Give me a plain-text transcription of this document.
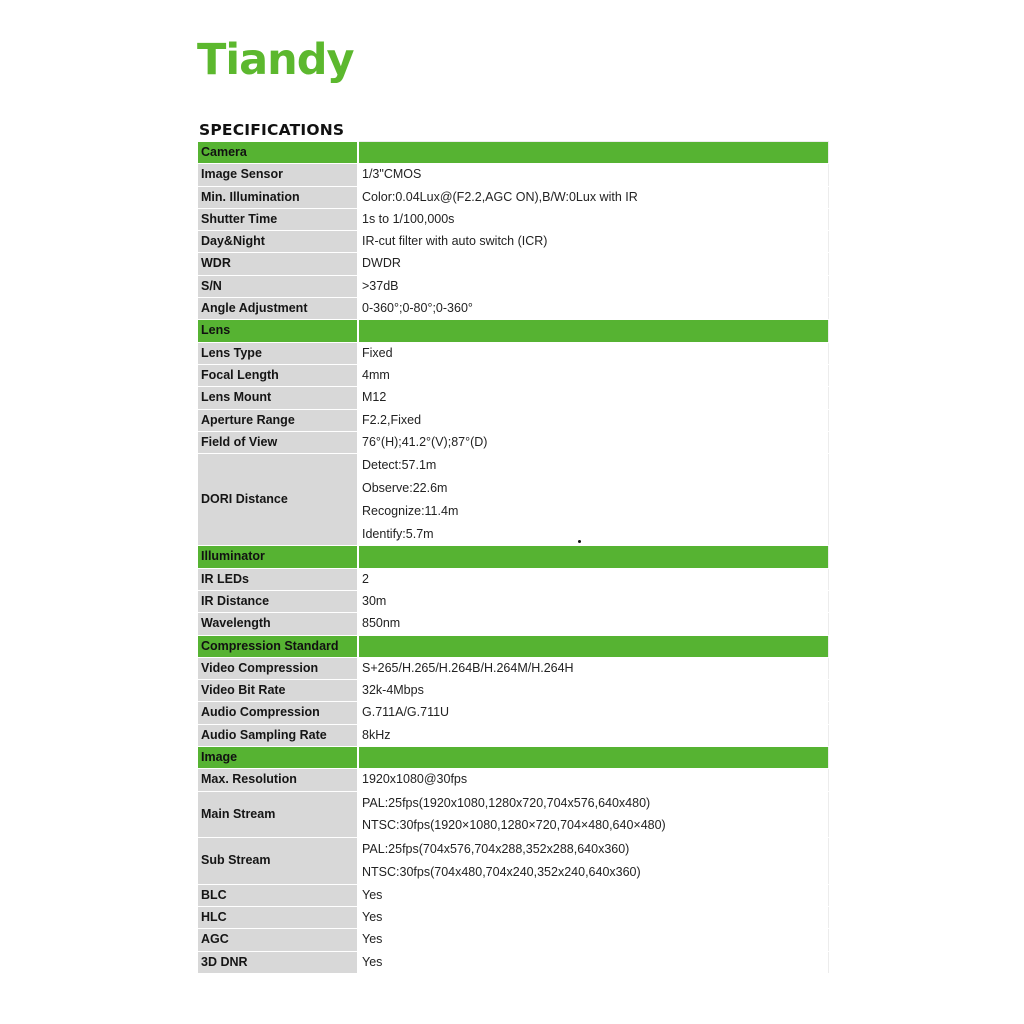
Tiandy
SPECIFICATIONS
Camera	
Image Sensor	1/3"CMOS
Min. Illumination	Color:0.04Lux@(F2.2,AGC ON),B/W:0Lux with IR
Shutter Time	1s to 1/100,000s
Day&Night	IR-cut filter with auto switch (ICR)
WDR	DWDR
S/N	>37dB
Angle Adjustment	0-360°;0-80°;0-360°
Lens	
Lens Type	Fixed
Focal Length	4mm
Lens Mount	M12
Aperture Range	F2.2,Fixed
Field of View	76°(H);41.2°(V);87°(D)
DORI Distance	Detect:57.1m
Observe:22.6m
Recognize:11.4m
Identify:5.7m

Illuminator	
IR LEDs	2
IR Distance	30m
Wavelength	850nm
Compression Standard	
Video Compression	S+265/H.265/H.264B/H.264M/H.264H
Video Bit Rate	32k-4Mbps
Audio Compression	G.711A/G.711U
Audio Sampling Rate	8kHz
Image	
Max. Resolution	1920x1080@30fps
Main Stream	PAL:25fps(1920x1080,1280x720,704x576,640x480)
NTSC:30fps(1920×1080,1280×720,704×480,640×480)

Sub Stream	PAL:25fps(704x576,704x288,352x288,640x360)
NTSC:30fps(704x480,704x240,352x240,640x360)

BLC	Yes
HLC	Yes
AGC	Yes
3D DNR	Yes
